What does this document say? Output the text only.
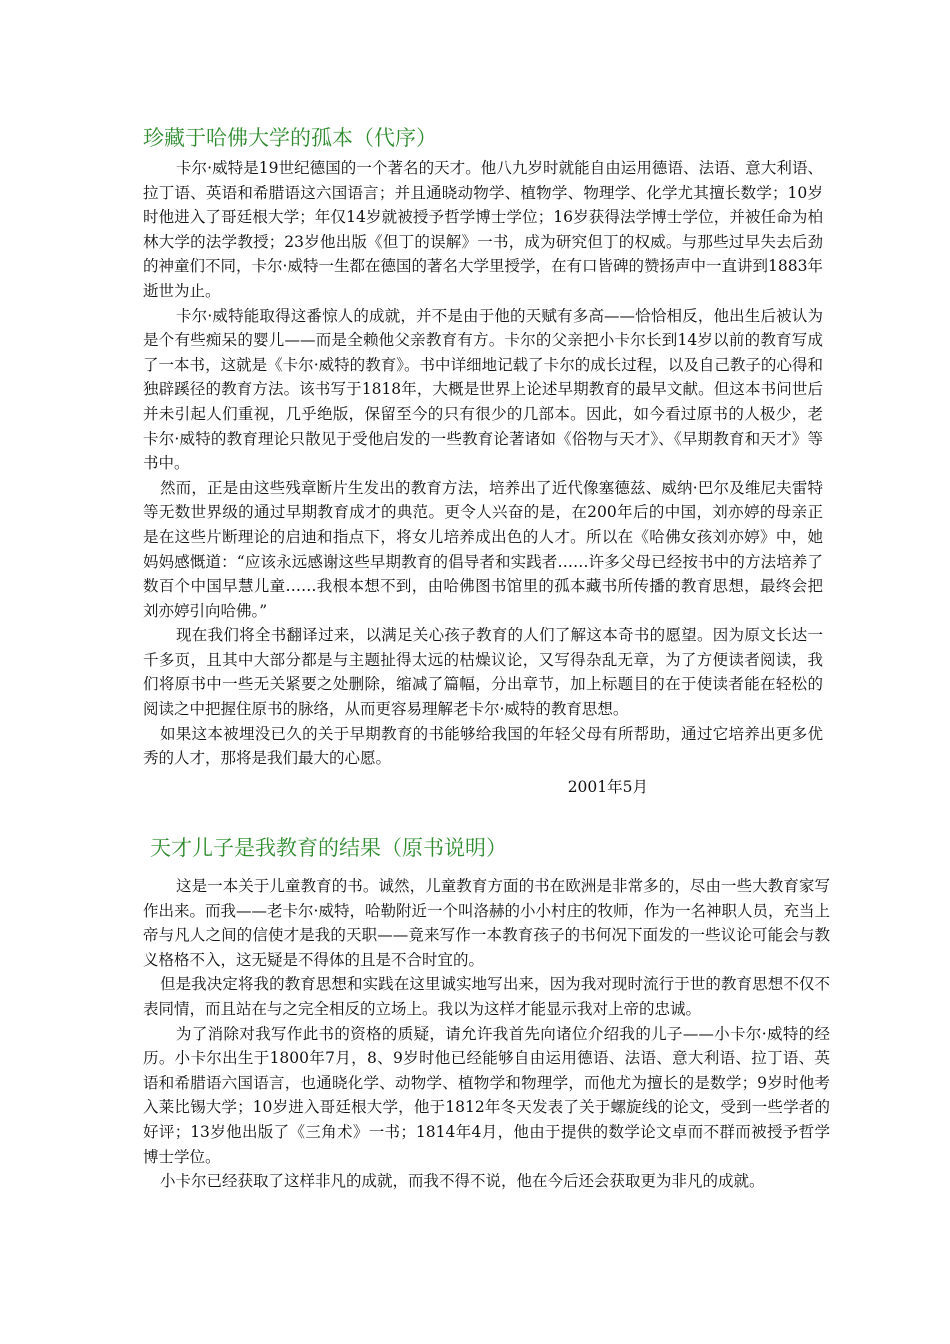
珍藏于哈佛大学的孤本（代序）

卡尔·威特是19世纪德国的一个著名的天才。他八九岁时就能自由运用德语、法语、意大利语、拉丁语、英语和希腊语这六国语言；并且通晓动物学、植物学、物理学、化学尤其擅长数学；10岁时他进入了哥廷根大学；年仅14岁就被授予哲学博士学位；16岁获得法学博士学位，并被任命为柏林大学的法学教授；23岁他出版《但丁的误解》一书，成为研究但丁的权威。与那些过早失去后劲的神童们不同，卡尔·威特一生都在德国的著名大学里授学，在有口皆碑的赞扬声中一直讲到1883年逝世为止。

卡尔·威特能取得这番惊人的成就，并不是由于他的天赋有多高——恰恰相反，他出生后被认为是个有些痴呆的婴儿——而是全赖他父亲教育有方。卡尔的父亲把小卡尔长到14岁以前的教育写成了一本书，这就是《卡尔·威特的教育》。书中详细地记载了卡尔的成长过程，以及自己教子的心得和独辟蹊径的教育方法。该书写于1818年，大概是世界上论述早期教育的最早文献。但这本书问世后并未引起人们重视，几乎绝版，保留至今的只有很少的几部本。因此，如今看过原书的人极少，老卡尔·威特的教育理论只散见于受他启发的一些教育论著诸如《俗物与天才》、《早期教育和天才》等书中。

然而，正是由这些残章断片生发出的教育方法，培养出了近代像塞德兹、威纳·巴尔及维尼夫雷特等无数世界级的通过早期教育成才的典范。更令人兴奋的是，在200年后的中国，刘亦婷的母亲正是在这些片断理论的启迪和指点下，将女儿培养成出色的人才。所以在《哈佛女孩刘亦婷》中，她妈妈感慨道：“应该永远感谢这些早期教育的倡导者和实践者……许多父母已经按书中的方法培养了数百个中国早慧儿童……我根本想不到，由哈佛图书馆里的孤本藏书所传播的教育思想，最终会把刘亦婷引向哈佛。”

现在我们将全书翻译过来，以满足关心孩子教育的人们了解这本奇书的愿望。因为原文长达一千多页，且其中大部分都是与主题扯得太远的枯燥议论，又写得杂乱无章，为了方便读者阅读，我们将原书中一些无关紧要之处删除，缩减了篇幅，分出章节，加上标题目的在于使读者能在轻松的阅读之中把握住原书的脉络，从而更容易理解老卡尔·威特的教育思想。

如果这本被埋没已久的关于早期教育的书能够给我国的年轻父母有所帮助，通过它培养出更多优秀的人才，那将是我们最大的心愿。

2001年5月

天才儿子是我教育的结果（原书说明）

这是一本关于儿童教育的书。诚然，儿童教育方面的书在欧洲是非常多的，尽由一些大教育家写作出来。而我——老卡尔·威特，哈勒附近一个叫洛赫的小小村庄的牧师，作为一名神职人员，充当上帝与凡人之间的信使才是我的天职——竟来写作一本教育孩子的书何况下面发的一些议论可能会与教义格格不入，这无疑是不得体的且是不合时宜的。

但是我决定将我的教育思想和实践在这里诚实地写出来，因为我对现时流行于世的教育思想不仅不表同情，而且站在与之完全相反的立场上。我以为这样才能显示我对上帝的忠诚。

为了消除对我写作此书的资格的质疑，请允许我首先向诸位介绍我的儿子——小卡尔·威特的经历。小卡尔出生于1800年7月，8、9岁时他已经能够自由运用德语、法语、意大利语、拉丁语、英语和希腊语六国语言，也通晓化学、动物学、植物学和物理学，而他尤为擅长的是数学；9岁时他考入莱比锡大学；10岁进入哥廷根大学，他于1812年冬天发表了关于螺旋线的论文，受到一些学者的好评；13岁他出版了《三角术》一书；1814年4月，他由于提供的数学论文卓而不群而被授予哲学博士学位。

小卡尔已经获取了这样非凡的成就，而我不得不说，他在今后还会获取更为非凡的成就。
